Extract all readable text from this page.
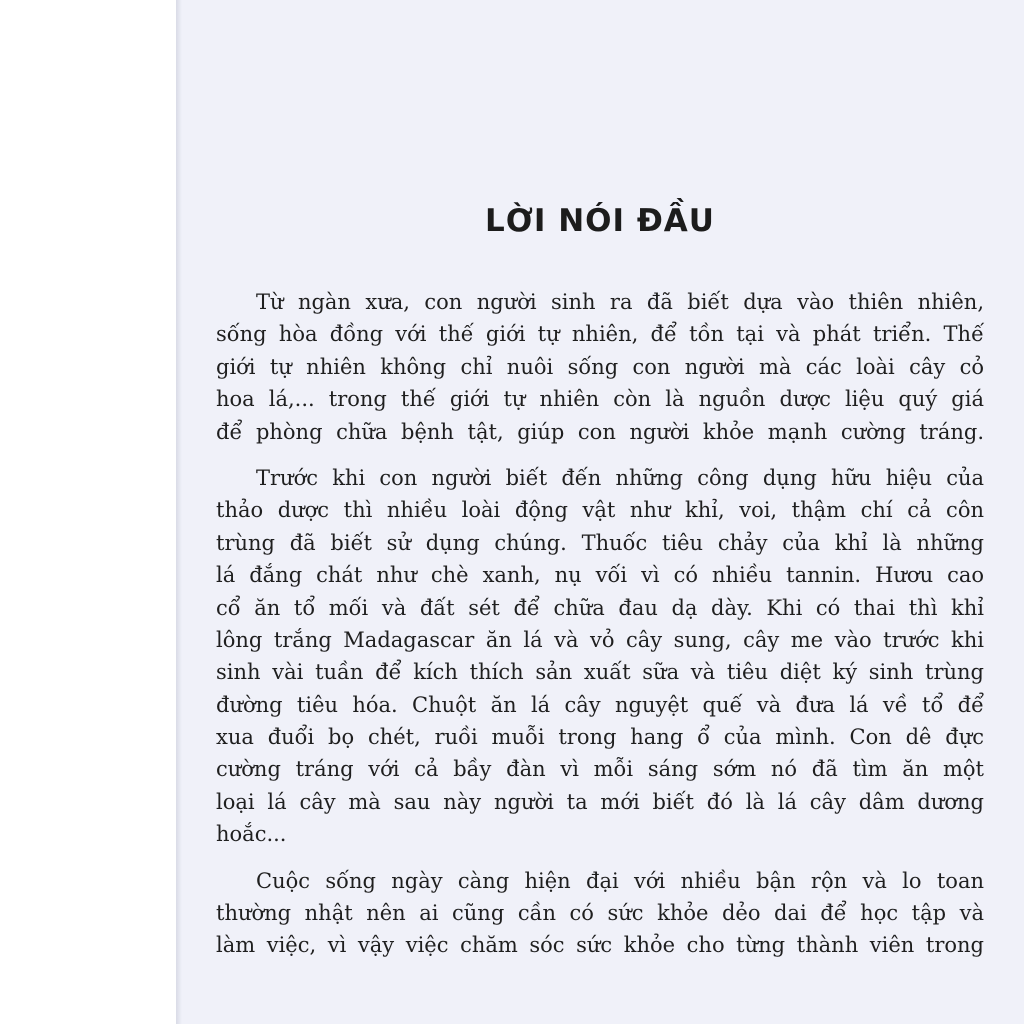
LỜI NÓI ĐẦU

Từ ngàn xưa, con người sinh ra đã biết dựa vào thiên nhiên,
sống hòa đồng với thế giới tự nhiên, để tồn tại và phát triển. Thế
giới tự nhiên không chỉ nuôi sống con người mà các loài cây cỏ
hoa lá,... trong thế giới tự nhiên còn là nguồn dược liệu quý giá
để phòng chữa bệnh tật, giúp con người khỏe mạnh cường tráng.

Trước khi con người biết đến những công dụng hữu hiệu của
thảo dược thì nhiều loài động vật như khỉ, voi, thậm chí cả côn
trùng đã biết sử dụng chúng. Thuốc tiêu chảy của khỉ là những
lá đắng chát như chè xanh, nụ vối vì có nhiều tannin. Hươu cao
cổ ăn tổ mối và đất sét để chữa đau dạ dày. Khi có thai thì khỉ
lông trắng Madagascar ăn lá và vỏ cây sung, cây me vào trước khi
sinh vài tuần để kích thích sản xuất sữa và tiêu diệt ký sinh trùng
đường tiêu hóa. Chuột ăn lá cây nguyệt quế và đưa lá về tổ để
xua đuổi bọ chét, ruồi muỗi trong hang ổ của mình. Con dê đực
cường tráng với cả bầy đàn vì mỗi sáng sớm nó đã tìm ăn một
loại lá cây mà sau này người ta mới biết đó là lá cây dâm dương
hoắc...

Cuộc sống ngày càng hiện đại với nhiều bận rộn và lo toan
thường nhật nên ai cũng cần có sức khỏe dẻo dai để học tập và
làm việc, vì vậy việc chăm sóc sức khỏe cho từng thành viên trong
